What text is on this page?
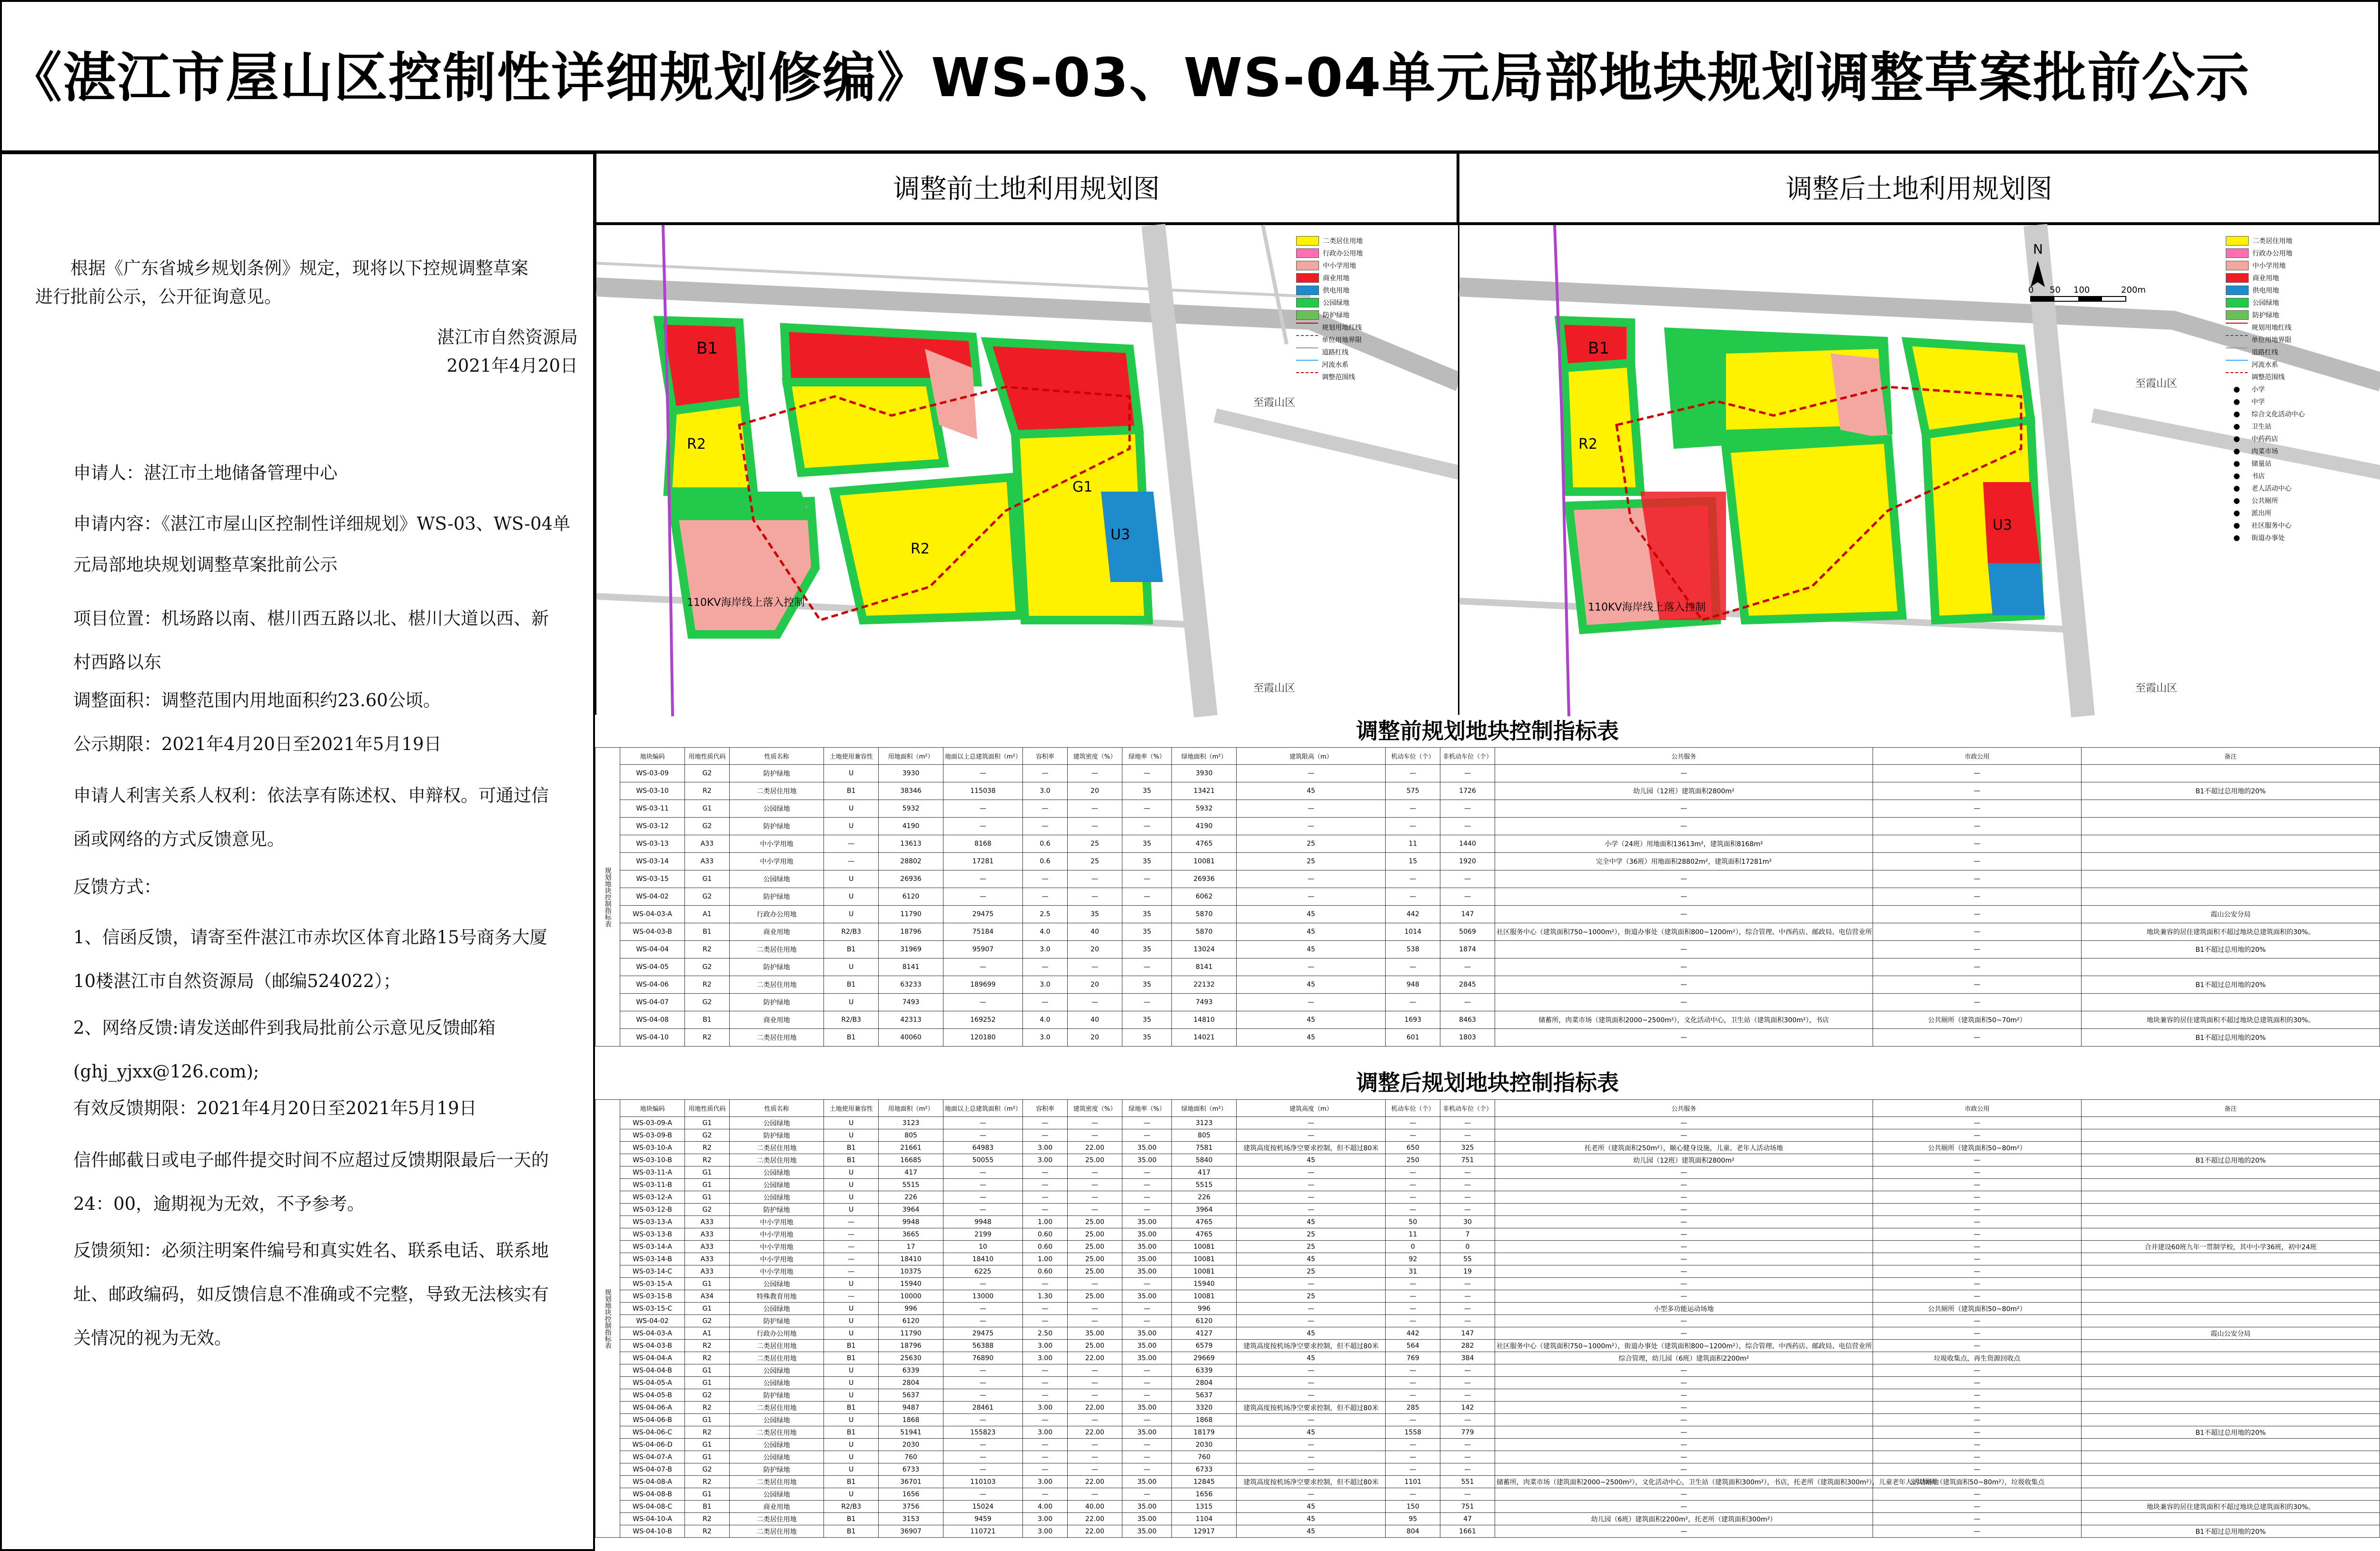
《湛江市屋山区控制性详细规划修编》WS-03、WS-04单元局部地块规划调整草案批前公示

根据《广东省城乡规划条例》规定，现将以下控规调整草案进行批前公示，公开征询意见。

湛江市自然资源局

2021年4月20日

申请人：湛江市土地储备管理中心

申请内容：《湛江市屋山区控制性详细规划》WS-03、WS-04单元局部地块规划调整草案批前公示

项目位置：机场路以南、椹川西五路以北、椹川大道以西、新村西路以东

调整面积：调整范围内用地面积约23.60公顷。

公示期限：2021年4月20日至2021年5月19日

申请人利害关系人权利：依法享有陈述权、申辩权。可通过信函或网络的方式反馈意见。

反馈方式：

1、信函反馈，请寄至件湛江市赤坎区体育北路15号商务大厦10楼湛江市自然资源局（邮编524022）；

2、网络反馈:请发送邮件到我局批前公示意见反馈邮箱(ghj_yjxx@126.com);

有效反馈期限：2021年4月20日至2021年5月19日

信件邮截日或电子邮件提交时间不应超过反馈期限最后一天的24：00，逾期视为无效，不予参考。

反馈须知：必须注明案件编号和真实姓名、联系电话、联系地址、邮政编码，如反馈信息不准确或不完整，导致无法核实有关情况的视为无效。

调整前土地利用规划图	调整后土地利用规划图
B1
R2
G1
R2
U3
110KV海岸线上落入控制
至霞山区
至霞山区
二类居住用地
行政办公用地
中小学用地
商业用地
供电用地
公园绿地
防护绿地
规划用地红线
单位用地界限
道路红线
河流水系
调整范围线
B1
R2
U3
110KV海岸线上落入控制
至霞山区
至霞山区
N
0 50 100	200m
二类居住用地
行政办公用地
中小学用地
商业用地
供电用地
公园绿地
防护绿地
规划用地红线
单位用地界限
道路红线
河流水系
调整范围线
●	小学
●	中学
●	综合文化活动中心
●	卫生站
●	中药药店
●	肉菜市场
●	储量站
●	书店
●	老人活动中心
●	公共厕所
●	派出所
●	社区服务中心
●	街道办事处
调整前规划地块控制指标表
规划地块控制指标表	地块编码	用地性质代码	性质名称	土地使用兼容性	用地面积（m²）	地面以上总建筑面积（m²）	容积率	建筑密度（%）	绿地率（%）	绿地面积（m²）	建筑限高（m）	机动车位（个）	非机动车位（个）	公共服务	市政公用	备注
	WS-03-09	G2	防护绿地	U	3930	—	—	—	—	3930	—	—	—	—	—	
	WS-03-10	R2	二类居住用地	B1	38346	115038	3.0	20	35	13421	45	575	1726	幼儿园（12班）建筑面积2800m²	—	B1不超过总用地的20%
	WS-03-11	G1	公园绿地	U	5932	—	—	—	—	5932	—	—	—	—	—	
	WS-03-12	G2	防护绿地	U	4190	—	—	—	—	4190	—	—	—	—	—	
	WS-03-13	A33	中小学用地	—	13613	8168	0.6	25	35	4765	25	11	1440	小学（24班）用地面积13613m²，建筑面积8168m²	—	
	WS-03-14	A33	中小学用地	—	28802	17281	0.6	25	35	10081	25	15	1920	完全中学（36班）用地面积28802m²，建筑面积17281m²	—	
	WS-03-15	G1	公园绿地	U	26936	—	—	—	—	26936	—	—	—	—	—	
	WS-04-02	G2	防护绿地	U	6120	—	—	—	—	6062	—	—	—	—	—	
	WS-04-03-A	A1	行政办公用地	U	11790	29475	2.5	35	35	5870	45	442	147	—	—	霞山公安分局
	WS-04-03-B	B1	商业用地	R2/B3	18796	75184	4.0	40	35	5870	45	1014	5069	社区服务中心（建筑面积750~1000m²），街道办事处（建筑面积800~1200m²），综合管理、中西药店、邮政局、电信营业所	—	地块兼容的居住建筑面积不超过地块总建筑面积的30%。
	WS-04-04	R2	二类居住用地	B1	31969	95907	3.0	20	35	13024	45	538	1874	—	—	B1不超过总用地的20%
	WS-04-05	G2	防护绿地	U	8141	—	—	—	—	8141	—	—	—	—	—	
	WS-04-06	R2	二类居住用地	B1	63233	189699	3.0	20	35	22132	45	948	2845	—	—	B1不超过总用地的20%
	WS-04-07	G2	防护绿地	U	7493	—	—	—	—	7493	—	—	—	—	—	
	WS-04-08	B1	商业用地	R2/B3	42313	169252	4.0	40	35	14810	45	1693	8463	储蓄所，肉菜市场（建筑面积2000~2500m²），文化活动中心，卫生站（建筑面积300m²），书店	公共厕所（建筑面积50~70m²）	地块兼容的居住建筑面积不超过地块总建筑面积的30%。
	WS-04-10	R2	二类居住用地	B1	40060	120180	3.0	20	35	14021	45	601	1803	—	—	B1不超过总用地的20%
调整后规划地块控制指标表
规划地块控制指标表	地块编码	用地性质代码	性质名称	土地使用兼容性	用地面积（m²）	地面以上总建筑面积（m²）	容积率	建筑密度（%）	绿地率（%）	绿地面积（m²）	建筑高度（m）	机动车位（个）	非机动车位（个）	公共服务	市政公用	备注
	WS-03-09-A	G1	公园绿地	U	3123	—	—	—	—	3123	—	—	—	—	—	
	WS-03-09-B	G2	防护绿地	U	805	—	—	—	—	805	—	—	—	—	—	
	WS-03-10-A	R2	二类居住用地	B1	21661	64983	3.00	22.00	35.00	7581	建筑高度按机场净空要求控制，但不超过80米	650	325	托老所（建筑面积250m²），颐心健身设施，儿童、老年人活动场地	公共厕所（建筑面积50~80m²）	
	WS-03-10-B	R2	二类居住用地	B1	16685	50055	3.00	25.00	35.00	5840	45	250	751	幼儿园（12班）建筑面积2800m²	—	B1不超过总用地的20%
	WS-03-11-A	G1	公园绿地	U	417	—	—	—	—	417	—	—	—	—	—	
	WS-03-11-B	G1	公园绿地	U	5515	—	—	—	—	5515	—	—	—	—	—	
	WS-03-12-A	G1	公园绿地	U	226	—	—	—	—	226	—	—	—	—	—	
	WS-03-12-B	G2	防护绿地	U	3964	—	—	—	—	3964	—	—	—	—	—	
	WS-03-13-A	A33	中小学用地	—	9948	9948	1.00	25.00	35.00	4765	45	50	30	—	—	
	WS-03-13-B	A33	中小学用地	—	3665	2199	0.60	25.00	35.00	4765	25	11	7	—	—	
	WS-03-14-A	A33	中小学用地	—	17	10	0.60	25.00	35.00	10081	25	0	0	—	—	合并建设60班九年一贯制学校，其中小学36班，初中24班
	WS-03-14-B	A33	中小学用地	—	18410	18410	1.00	25.00	35.00	10081	45	92	55	—	—	
	WS-03-14-C	A33	中小学用地	—	10375	6225	0.60	25.00	35.00	10081	25	31	19	—	—	
	WS-03-15-A	G1	公园绿地	U	15940	—	—	—	—	15940	—	—	—	—	—	
	WS-03-15-B	A34	特殊教育用地	—	10000	13000	1.30	25.00	35.00	10081	25	—	—	—	—	
	WS-03-15-C	G1	公园绿地	U	996	—	—	—	—	996	—	—	—	小型多功能运动场地	公共厕所（建筑面积50~80m²）	
	WS-04-02	G2	防护绿地	U	6120	—	—	—	—	6120	—	—	—	—	—	
	WS-04-03-A	A1	行政办公用地	U	11790	29475	2.50	35.00	35.00	4127	45	442	147	—	—	霞山公安分局
	WS-04-03-B	R2	二类居住用地	B1	18796	56388	3.00	25.00	35.00	6579	建筑高度按机场净空要求控制，但不超过80米	564	282	社区服务中心（建筑面积750~1000m²），街道办事处（建筑面积800~1200m²），综合管理、中西药店、邮政局、电信营业所	—	
	WS-04-04-A	R2	二类居住用地	B1	25630	76890	3.00	22.00	35.00	29669	45	769	384	综合管理，幼儿园（6班）建筑面积2200m²	垃圾收集点，再生资源回收点	
	WS-04-04-B	G1	公园绿地	U	6339	—	—	—	—	6339	—	—	—	—	—	
	WS-04-05-A	G1	公园绿地	U	2804	—	—	—	—	2804	—	—	—	—	—	
	WS-04-05-B	G2	防护绿地	U	5637	—	—	—	—	5637	—	—	—	—	—	
	WS-04-06-A	R2	二类居住用地	B1	9487	28461	3.00	22.00	35.00	3320	建筑高度按机场净空要求控制，但不超过80米	285	142	—	—	
	WS-04-06-B	G1	公园绿地	U	1868	—	—	—	—	1868	—	—	—	—	—	
	WS-04-06-C	R2	二类居住用地	B1	51941	155823	3.00	22.00	35.00	18179	45	1558	779	—	—	B1不超过总用地的20%
	WS-04-06-D	G1	公园绿地	U	2030	—	—	—	—	2030	—	—	—	—	—	
	WS-04-07-A	G1	公园绿地	U	760	—	—	—	—	760	—	—	—	—	—	
	WS-04-07-B	G2	防护绿地	U	6733	—	—	—	—	6733	—	—	—	—	—	
	WS-04-08-A	R2	二类居住用地	B1	36701	110103	3.00	22.00	35.00	12845	建筑高度按机场净空要求控制，但不超过80米	1101	551	储蓄所，肉菜市场（建筑面积2000~2500m²），文化活动中心，卫生站（建筑面积300m²），书店，托老所（建筑面积300m²），儿童老年人活动场地	公共厕所（建筑面积50~80m²），垃圾收集点	
	WS-04-08-B	G1	公园绿地	U	1656	—	—	—	—	1656	—	—	—	—	—	
	WS-04-08-C	B1	商业用地	R2/B3	3756	15024	4.00	40.00	35.00	1315	45	150	751	—	—	地块兼容的居住建筑面积不超过地块总建筑面积的30%。
	WS-04-10-A	R2	二类居住用地	B1	3153	9459	3.00	22.00	35.00	1104	45	95	47	幼儿园（6班）建筑面积2200m²，托老所（建筑面积300m²）	—	
	WS-04-10-B	R2	二类居住用地	B1	36907	110721	3.00	22.00	35.00	12917	45	804	1661	—	—	B1不超过总用地的20%
